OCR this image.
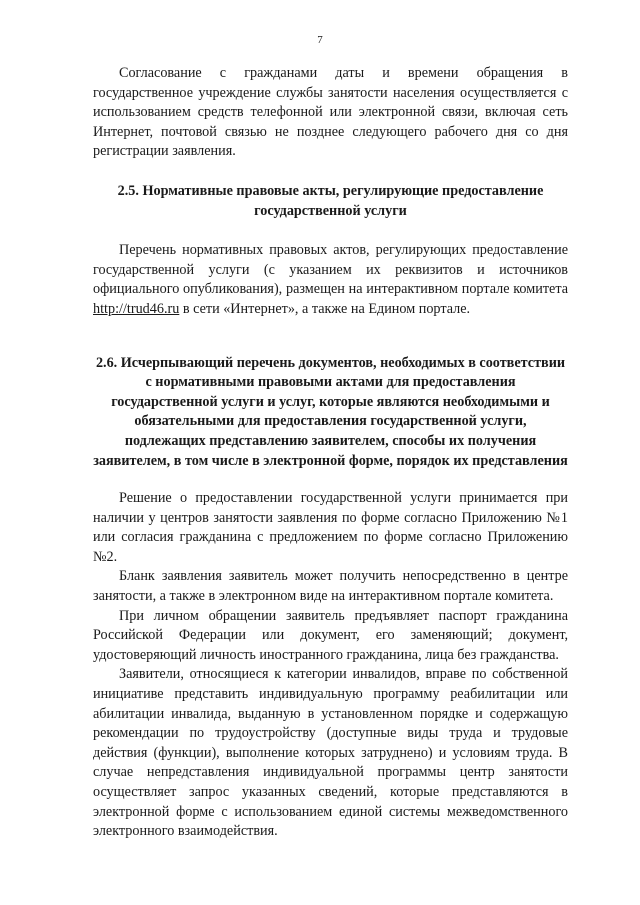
7

Согласование с гражданами даты и времени обращения в государственное учреждение службы занятости населения осуществляется с использованием средств телефонной или электронной связи, включая сеть Интернет, почтовой связью не позднее следующего рабочего дня со дня регистрации заявления.

2.5. Нормативные правовые акты, регулирующие предоставление государственной услуги

Перечень нормативных правовых актов, регулирующих предоставление государственной услуги (с указанием их реквизитов и источников официального опубликования), размещен на интерактивном портале комитета http://trud46.ru в сети «Интернет», а также на Едином портале.

2.6. Исчерпывающий перечень документов, необходимых в соответствии с нормативными правовыми актами для предоставления государственной услуги и услуг, которые являются необходимыми и обязательными для предоставления государственной услуги, подлежащих представлению заявителем, способы их получения заявителем, в том числе в электронной форме, порядок их представления

Решение о предоставлении государственной услуги принимается при наличии у центров занятости заявления по форме согласно Приложению №1 или согласия гражданина с предложением по форме согласно Приложению №2.

Бланк заявления заявитель может получить непосредственно в центре занятости, а также в электронном виде на интерактивном портале комитета.

При личном обращении заявитель предъявляет паспорт гражданина Российской Федерации или документ, его заменяющий; документ, удостоверяющий личность иностранного гражданина, лица без гражданства.

Заявители, относящиеся к категории инвалидов, вправе по собственной инициативе представить индивидуальную программу реабилитации или абилитации инвалида, выданную в установленном порядке и содержащую рекомендации по трудоустройству (доступные виды труда и трудовые действия (функции), выполнение которых затруднено) и условиям труда. В случае непредставления индивидуальной программы центр занятости осуществляет запрос указанных сведений, которые представляются в электронной форме с использованием единой системы межведомственного электронного взаимодействия.
